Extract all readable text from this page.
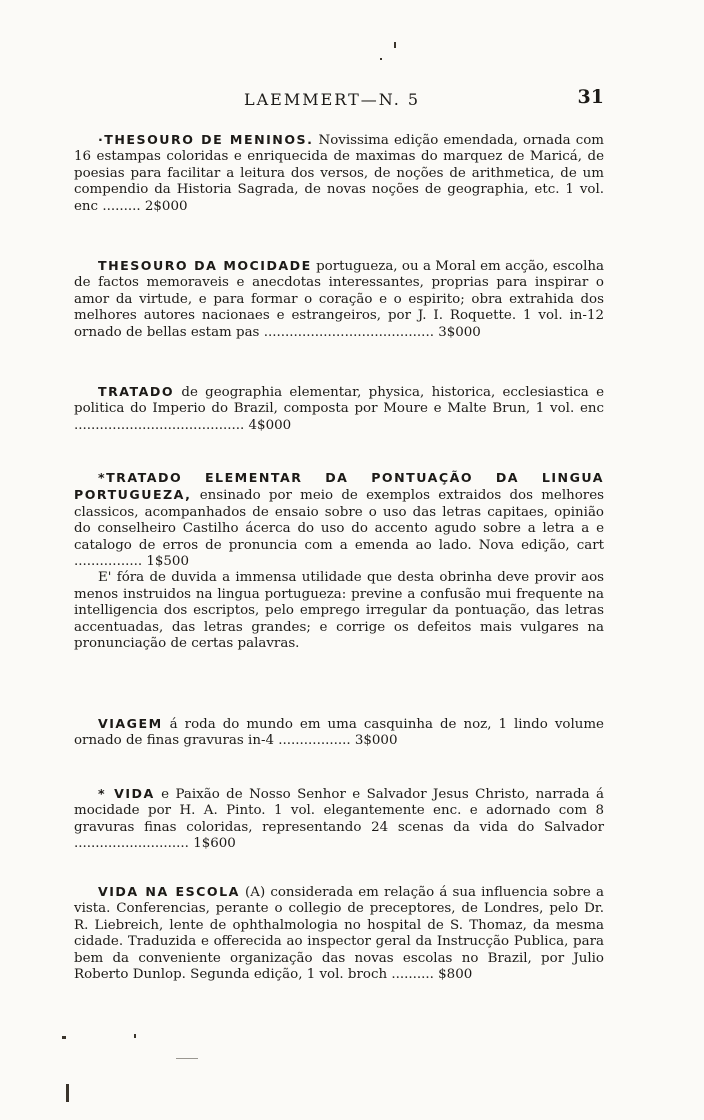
LAEMMERT—N. 5	31

·THESOURO DE MENINOS. Novissima edição emendada, ornada com 16 estampas coloridas e enriquecida de maximas do marquez de Maricá, de poesias para facilitar a leitura dos versos, de noções de arithmetica, de um compendio da Historia Sagrada, de novas noções de geographia, etc. 1 vol. enc ......... 2$000

THESOURO DA MOCIDADE portugueza, ou a Moral em acção, escolha de factos memoraveis e anecdotas interessantes, proprias para inspirar o amor da virtude, e para formar o coração e o espirito; obra extrahida dos melhores autores nacionaes e estrangeiros, por J. I. Roquette. 1 vol. in-12 ornado de bellas estam pas ........................................ 3$000

TRATADO de geographia elementar, physica, historica, ecclesiastica e politica do Imperio do Brazil, composta por Moure e Malte Brun, 1 vol. enc ........................................ 4$000

*TRATADO ELEMENTAR DA PONTUAÇÃO DA LINGUA PORTUGUEZA, ensinado por meio de exemplos extraidos dos melhores classicos, acompanhados de ensaio sobre o uso das letras capitaes, opinião do conselheiro Castilho ácerca do uso do accento agudo sobre a letra a e catalogo de erros de pronuncia com a emenda ao lado. Nova edição, cart ................ 1$500

E' fóra de duvida a immensa utilidade que desta obrinha deve provir aos menos instruidos na lingua portugueza: previne a confusão mui frequente na intelligencia dos escriptos, pelo emprego irregular da pontuação, das letras accentuadas, das letras grandes; e corrige os defeitos mais vulgares na pronunciação de certas palavras.

VIAGEM á roda do mundo em uma casquinha de noz, 1 lindo volume ornado de finas gravuras in-4 ................. 3$000

* VIDA e Paixão de Nosso Senhor e Salvador Jesus Christo, narrada á mocidade por H. A. Pinto. 1 vol. elegantemente enc. e adornado com 8 gravuras finas coloridas, representando 24 scenas da vida do Salvador ........................... 1$600

VIDA NA ESCOLA (A) considerada em relação á sua influencia sobre a vista. Conferencias, perante o collegio de preceptores, de Londres, pelo Dr. R. Liebreich, lente de ophthalmologia no hospital de S. Thomaz, da mesma cidade. Traduzida e offerecida ao inspector geral da Instrucção Publica, para bem da conveniente organização das novas escolas no Brazil, por Julio Roberto Dunlop. Segunda edição, 1 vol. broch .......... $800
